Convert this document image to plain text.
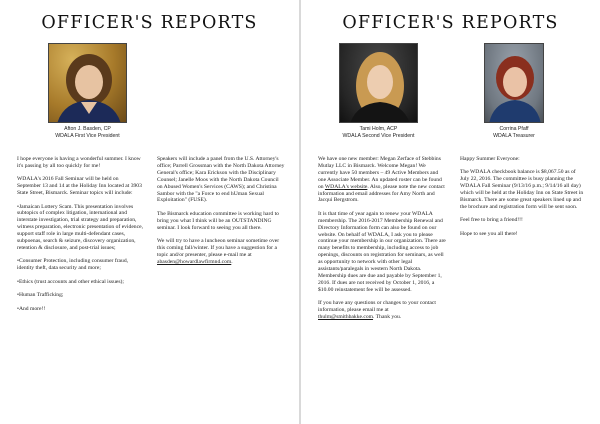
OFFICER'S REPORTS
Afton J. Basden, CP
WDALA First Vice President

I hope everyone is having a wonderful summer. I know it's passing by all too quickly for me!

WDALA's 2016 Fall Seminar will be held on September 13 and 14 at the Holiday Inn located at 3903 State Street, Bismarck. Seminar topics will include:

•Jamaican Lottery Scam. This presentation involves subtopics of complex litigation, international and interstate investigation, trial strategy and preparation, witness preparation, electronic presentation of evidence, support staff role in large multi-defendant cases, subpoenas, search & seizure, discovery organization, retention & disclosure, and post-trial issues;
•Consumer Protection, including consumer fraud, identity theft, data security and more;
•Ethics (trust accounts and other ethical issues);
•Human Trafficking;
•And more!!

Speakers will include a panel from the U.S. Attorney's office; Parrell Grossman with the North Dakota Attorney General's office; Kara Erickson with the Disciplinary Counsel; Janelle Moos with the North Dakota Council on Abused Women's Services (CAWS); and Christina Sambor with the "a Force to end hUman Sexual Exploitation" (FUSE).

The Bismarck education committee is working hard to bring you what I think will be an OUTSTANDING seminar. I look forward to seeing you all there.

We will try to have a luncheon seminar sometime over this coming fall/winter. If you have a suggestion for a topic and/or presenter, please e-mail me at abasden@howardlawfirmnd.com.

OFFICER'S REPORTS
Tami Holm, ACP
WDALA Second Vice President
Corrina Pfaff
WDALA Treasurer

We have one new member: Megan Zerface of Stebbins Mutlay LLC in Bismarck. Welcome Megan! We currently have 50 members – 49 Active Members and one Associate Member. An updated roster can be found on WDALA's website. Also, please note the new contact information and email addresses for Amy North and Jacqui Bergstrom.

It is that time of year again to renew your WDALA membership. The 2016-2017 Membership Renewal and Directory Information form can also be found on our website. On behalf of WDALA, I ask you to please continue your membership in our organization. There are many benefits to membership, including access to job openings, discounts on registration for seminars, as well as opportunity to network with other legal assistants/paralegals in western North Dakota. Membership dues are due and payable by September 1, 2016. If dues are not received by October 1, 2016, a $10.00 reinstatement fee will be assessed.

If you have any questions or changes to your contact information, please email me at thulm@smithbakke.com. Thank you.

Happy Summer Everyone:

The WDALA checkbook balance is $8,067.50 as of July 22, 2016. The committee is busy planning the WDALA Fall Seminar (9/13/16 p.m.; 9/14/16 all day) which will be held at the Holiday Inn on State Street in Bismarck. There are some great speakers lined up and the brochure and registration form will be sent soon.

Feel free to bring a friend!!!

Hope to see you all there!
